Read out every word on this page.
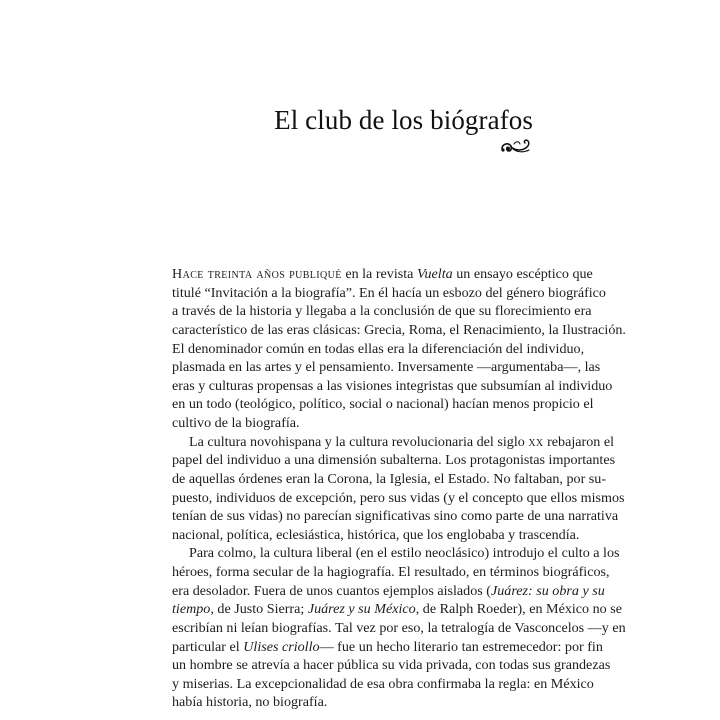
El club de los biógrafos

Hace treinta años publiqué en la revista Vuelta un ensayo escéptico que
titulé “Invitación a la biografía”. En él hacía un esbozo del género biográfico
a través de la historia y llegaba a la conclusión de que su florecimiento era
característico de las eras clásicas: Grecia, Roma, el Renacimiento, la Ilustración.
El denominador común en todas ellas era la diferenciación del individuo,
plasmada en las artes y el pensamiento. Inversamente —argumentaba—, las
eras y culturas propensas a las visiones integristas que subsumían al individuo
en un todo (teológico, político, social o nacional) hacían menos propicio el
cultivo de la biografía.

La cultura novohispana y la cultura revolucionaria del siglo xx rebajaron el
papel del individuo a una dimensión subalterna. Los protagonistas importantes
de aquellas órdenes eran la Corona, la Iglesia, el Estado. No faltaban, por su-
puesto, individuos de excepción, pero sus vidas (y el concepto que ellos mismos
tenían de sus vidas) no parecían significativas sino como parte de una narrativa
nacional, política, eclesiástica, histórica, que los englobaba y trascendía.

Para colmo, la cultura liberal (en el estilo neoclásico) introdujo el culto a los
héroes, forma secular de la hagiografía. El resultado, en términos biográficos,
era desolador. Fuera de unos cuantos ejemplos aislados (Juárez: su obra y su
tiempo, de Justo Sierra; Juárez y su México, de Ralph Roeder), en México no se
escribían ni leían biografías. Tal vez por eso, la tetralogía de Vasconcelos —y en
particular el Ulises criollo— fue un hecho literario tan estremecedor: por fin
un hombre se atrevía a hacer pública su vida privada, con todas sus grandezas
y miserias. La excepcionalidad de esa obra confirmaba la regla: en México
había historia, no biografía.
